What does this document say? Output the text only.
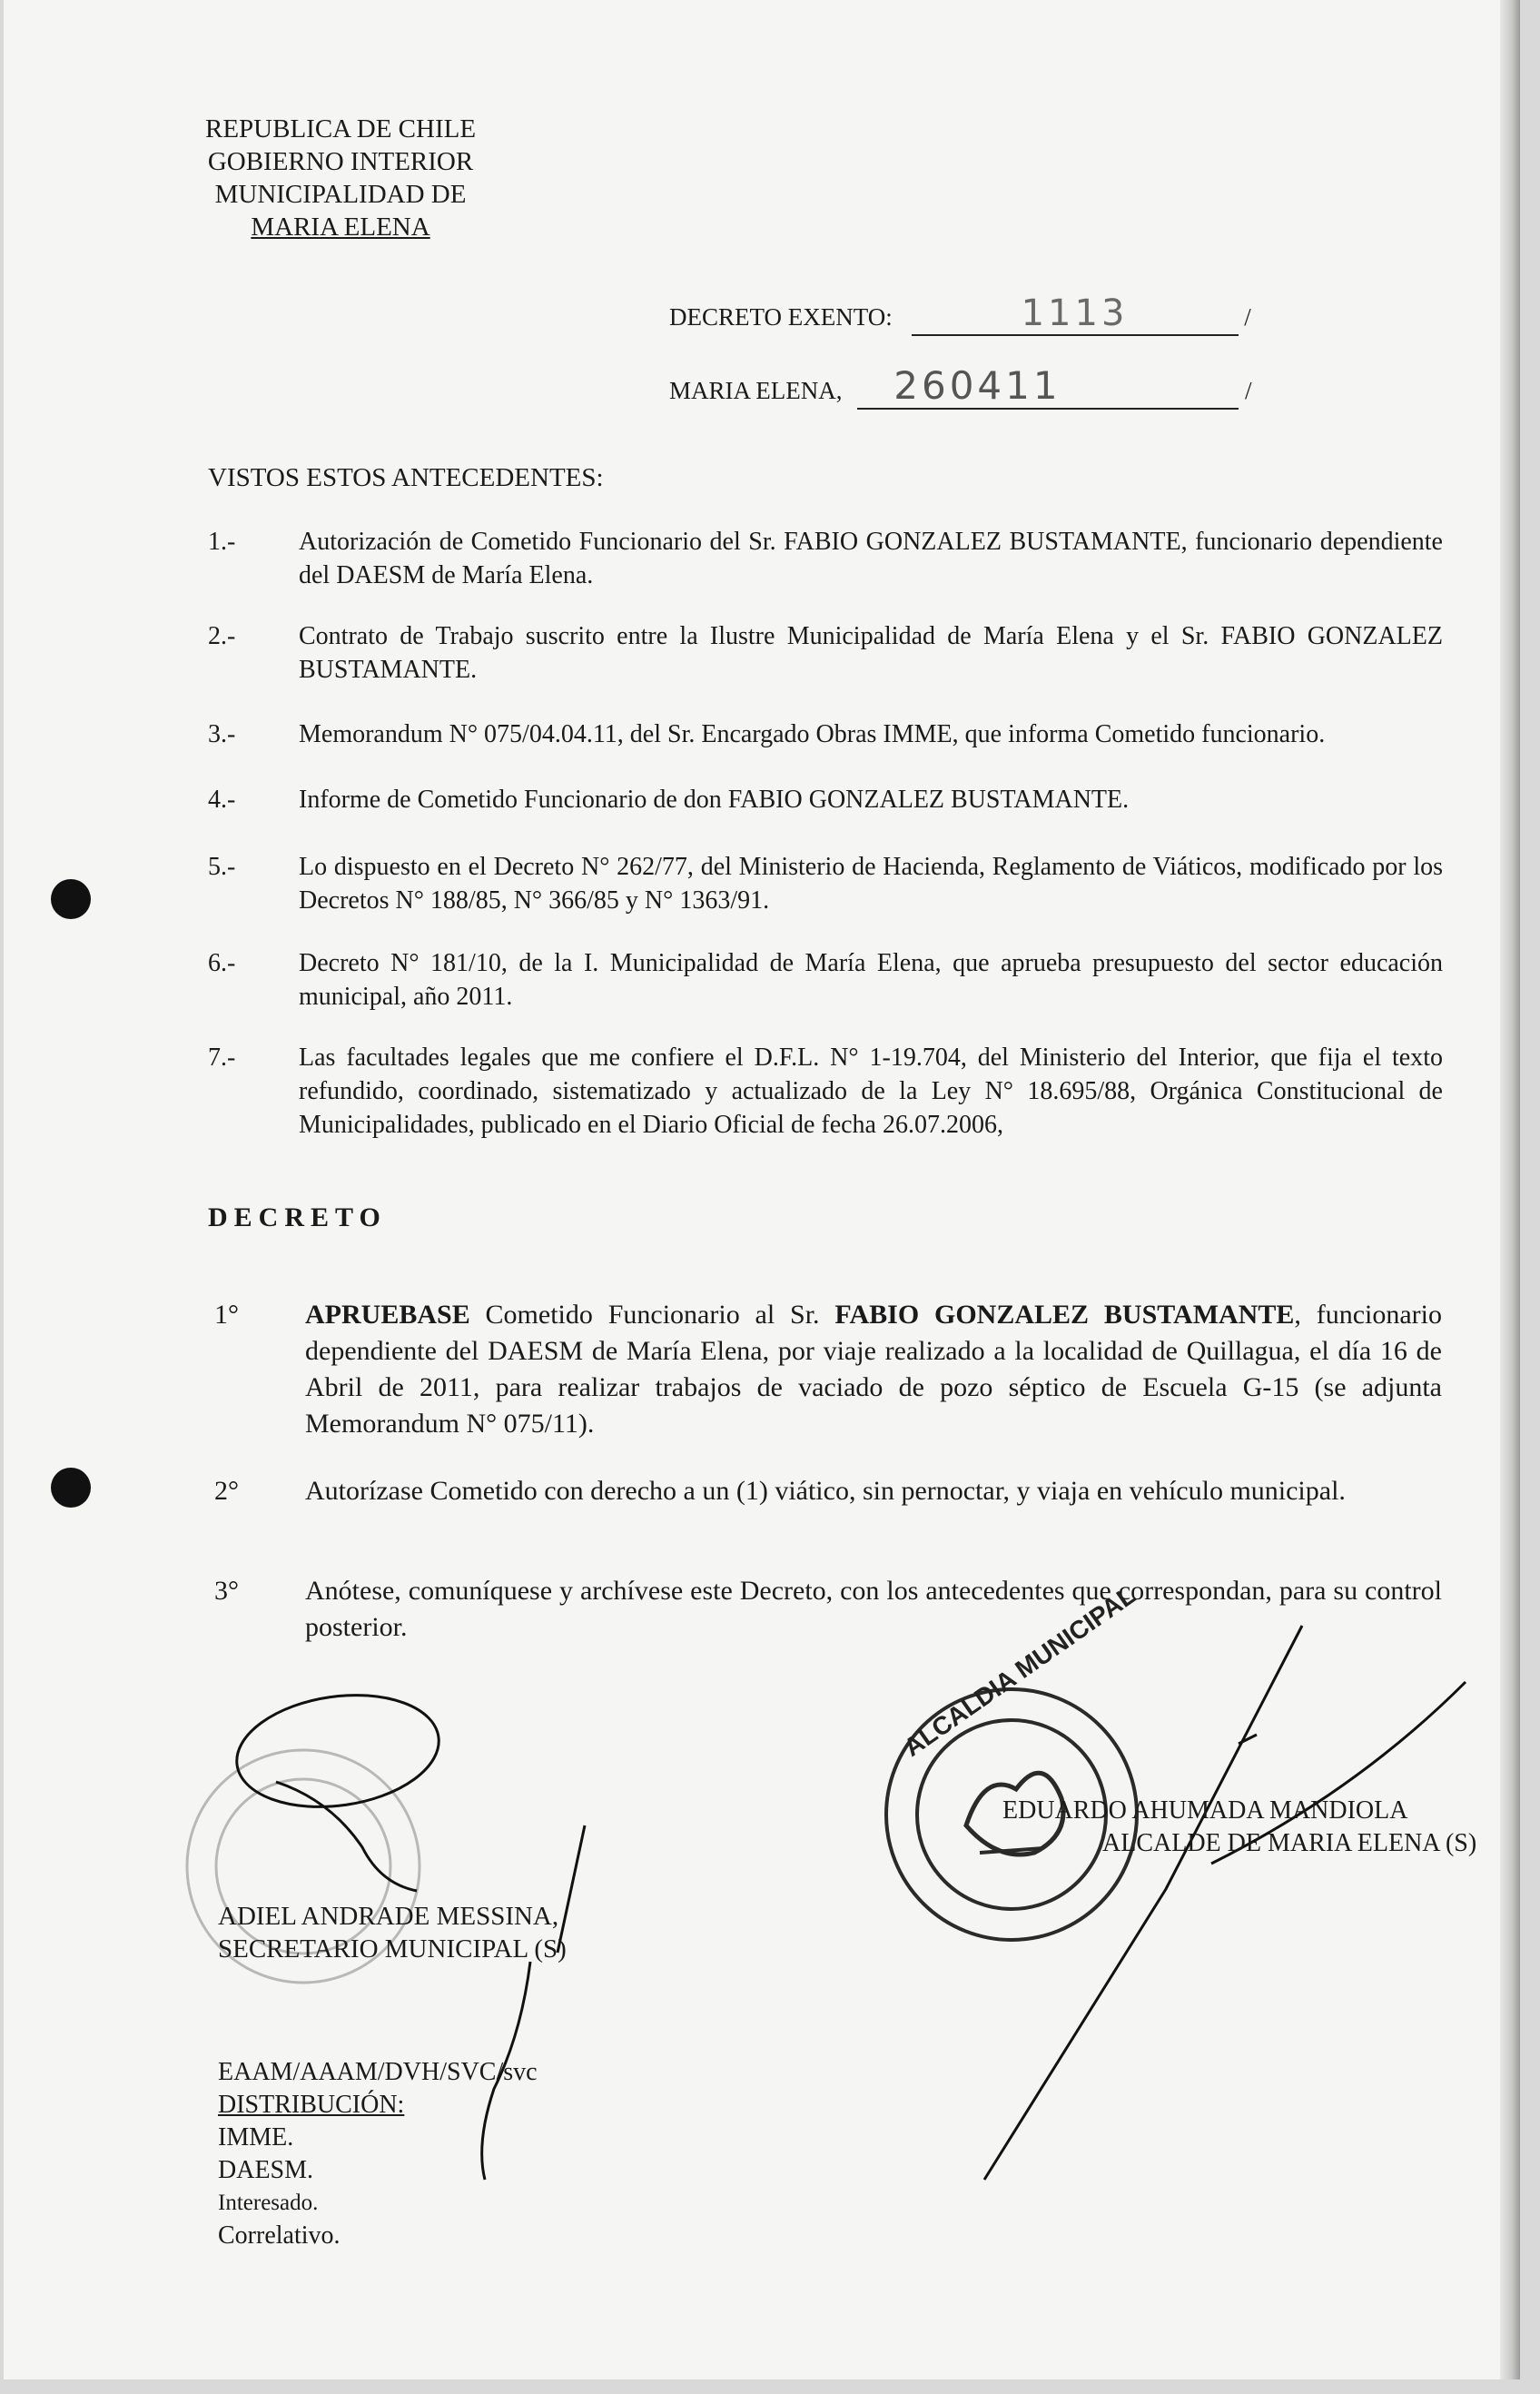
REPUBLICA DE CHILE
GOBIERNO INTERIOR
MUNICIPALIDAD DE
MARIA ELENA
DECRETO EXENTO:	1113	/
MARIA ELENA, 260411	/
VISTOS ESTOS ANTECEDENTES:
1.-	Autorización de Cometido Funcionario del Sr. FABIO GONZALEZ BUSTAMANTE, funcionario dependiente del DAESM de María Elena.
2.-	Contrato de Trabajo suscrito entre la Ilustre Municipalidad de María Elena y el Sr. FABIO GONZALEZ BUSTAMANTE.
3.-	Memorandum N° 075/04.04.11, del Sr. Encargado Obras IMME, que informa Cometido funcionario.
4.-	Informe de Cometido Funcionario de don FABIO GONZALEZ BUSTAMANTE.
5.-	Lo dispuesto en el Decreto N° 262/77, del Ministerio de Hacienda, Reglamento de Viáticos, modificado por los Decretos N° 188/85, N° 366/85 y N° 1363/91.
6.-	Decreto N° 181/10, de la I. Municipalidad de María Elena, que aprueba presupuesto del sector educación municipal, año 2011.
7.-	Las facultades legales que me confiere el D.F.L. N° 1-19.704, del Ministerio del Interior, que fija el texto refundido, coordinado, sistematizado y actualizado de la Ley N° 18.695/88, Orgánica Constitucional de Municipalidades, publicado en el Diario Oficial de fecha 26.07.2006,
DECRETO
1° APRUEBASE Cometido Funcionario al Sr. FABIO GONZALEZ BUSTAMANTE, funcionario dependiente del DAESM de María Elena, por viaje realizado a la localidad de Quillagua, el día 16 de Abril de 2011, para realizar trabajos de vaciado de pozo séptico de Escuela G-15 (se adjunta Memorandum N° 075/11).
2° Autorízase Cometido con derecho a un (1) viático, sin pernoctar, y viaja en vehículo municipal.
3° Anótese, comuníquese y archívese este Decreto, con los antecedentes que correspondan, para su control posterior.	ALCALDIA MUNICIPAL
ADIEL ANDRADE MESSINA,
SECRETARIO MUNICIPAL (S)
EDUARDO AHUMADA MANDIOLA
ALCALDE DE MARIA ELENA (S)
EAAM/AAAM/DVH/SVC/svc
DISTRIBUCIÓN:
IMME.
DAESM.
Interesado.
Correlativo.
